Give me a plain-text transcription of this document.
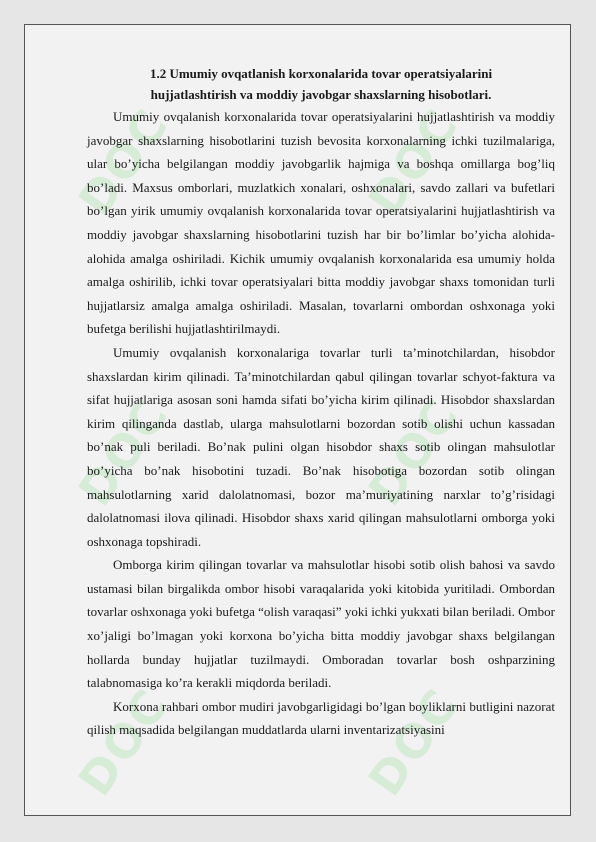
DOC	DOC
DOC	DOC
DOC	DOC

1.2 Umumiy ovqatlanish korxonalarida tovar operatsiyalarini

hujjatlashtirish va moddiy javobgar shaxslarning hisobotlari.

Umumiy ovqalanish korxonalarida tovar operatsiyalarini hujjatlashtirish va moddiy javobgar shaxslarning hisobotlarini tuzish bevosita korxonalarning ichki tuzilmalariga, ular bo’yicha belgilangan moddiy javobgarlik hajmiga va boshqa omillarga bog’liq bo’ladi. Maxsus omborlari, muzlatkich xonalari, oshxonalari, savdo zallari va bufetlari bo’lgan yirik umumiy ovqalanish korxonalarida tovar operatsiyalarini hujjatlashtirish va moddiy javobgar shaxslarning hisobotlarini tuzish har bir bo’limlar bo’yicha alohida-alohida amalga oshiriladi. Kichik umumiy ovqalanish korxonalarida esa umumiy holda amalga oshirilib, ichki tovar operatsiyalari bitta moddiy javobgar shaxs tomonidan turli hujjatlarsiz amalga amalga oshiriladi. Masalan, tovarlarni ombordan oshxonaga yoki bufetga berilishi hujjatlashtirilmaydi.

Umumiy ovqalanish korxonalariga tovarlar turli ta’minotchilardan, hisobdor shaxslardan kirim qilinadi. Ta’minotchilardan qabul qilingan tovarlar schyot-faktura va sifat hujjatlariga asosan soni hamda sifati bo’yicha kirim qilinadi. Hisobdor shaxslardan kirim qilinganda dastlab, ularga mahsulotlarni bozordan sotib olishi uchun kassadan bo’nak puli beriladi. Bo’nak pulini olgan hisobdor shaxs sotib olingan mahsulotlar bo’yicha bo’nak hisobotini tuzadi. Bo’nak hisobotiga bozordan sotib olingan mahsulotlarning xarid dalolatnomasi, bozor ma’muriyatining narxlar to’g’risidagi dalolatnomasi ilova qilinadi. Hisobdor shaxs xarid qilingan mahsulotlarni omborga yoki oshxonaga topshiradi.

Omborga kirim qilingan tovarlar va mahsulotlar hisobi sotib olish bahosi va savdo ustamasi bilan birgalikda ombor hisobi varaqalarida yoki kitobida yuritiladi. Ombordan tovarlar oshxonaga yoki bufetga “olish varaqasi” yoki ichki yukxati bilan beriladi. Ombor xo’jaligi bo’lmagan yoki korxona bo’yicha bitta moddiy javobgar shaxs belgilangan hollarda bunday hujjatlar tuzilmaydi. Omboradan tovarlar bosh oshparzining talabnomasiga ko’ra kerakli miqdorda beriladi.

Korxona rahbari ombor mudiri javobgarligidagi bo’lgan boyliklarni butligini nazorat qilish maqsadida belgilangan muddatlarda ularni inventarizatsiyasini
